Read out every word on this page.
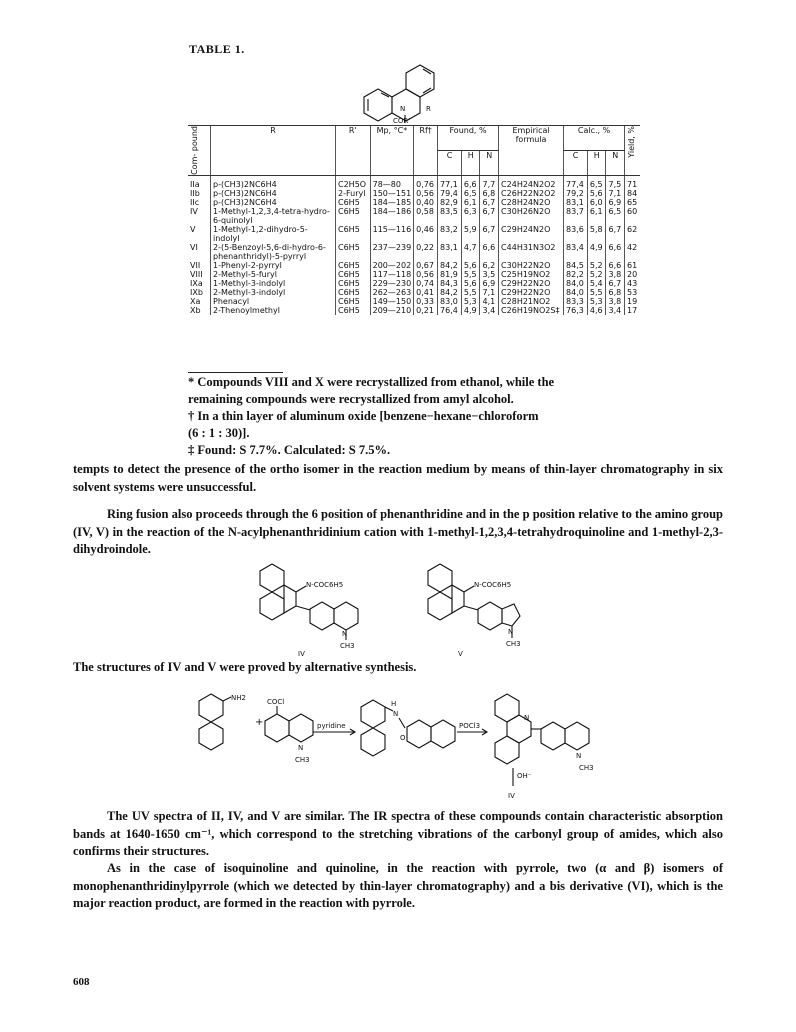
TABLE 1.
N	R
COR'
Com- pound	R	R'	Mp, °C*	Rf†	Found, %			Empirical formula	Calc., %			Yield, %

					C	H	N		C	H	N	
IIa	p-(CH3)2NC6H4	C2H5O	78—80	0,76	77,1	6,6	7,7	C24H24N2O2	77,4	6,5	7,5	71
IIb	p-(CH3)2NC6H4	2-Furyl	150—151	0,56	79,4	6,5	6,8	C26H22N2O2	79,2	5,6	7,1	84
IIc	p-(CH3)2NC6H4	C6H5	184—185	0,40	82,9	6,1	6,7	C28H24N2O	83,1	6,0	6,9	65
IV	1-Methyl-1,2,3,4-tetra-hydro-6-quinolyl	C6H5	184—186	0,58	83,5	6,3	6,7	C30H26N2O	83,7	6,1	6,5	60
V	1-Methyl-1,2-dihydro-5-indolyl	C6H5	115—116	0,46	83,2	5,9	6,7	C29H24N2O	83,6	5,8	6,7	62
VI	2-(5-Benzoyl-5,6-di-hydro-6-phenanthridyl)-5-pyrryl	C6H5	237—239	0,22	83,1	4,7	6,6	C44H31N3O2	83,4	4,9	6,6	42
VII	1-Phenyl-2-pyrryl	C6H5	200—202	0,67	84,2	5,6	6,2	C30H22N2O	84,5	5,2	6,6	61
VIII	2-Methyl-5-furyl	C6H5	117—118	0,56	81,9	5,5	3,5	C25H19NO2	82,2	5,2	3,8	20
IXa	1-Methyl-3-indolyl	C6H5	229—230	0,74	84,3	5,6	6,9	C29H22N2O	84,0	5,4	6,7	43
IXb	2-Methyl-3-indolyl	C6H5	262—263	0,41	84,2	5,5	7,1	C29H22N2O	84,0	5,5	6,8	53
Xa	Phenacyl	C6H5	149—150	0,33	83,0	5,3	4,1	C28H21NO2	83,3	5,3	3,8	19
Xb	2-Thenoylmethyl	C6H5	209—210	0,21	76,4	4,9	3,4	C26H19NO2S‡	76,3	4,6	3,4	17

* Compounds VIII and X were recrystallized from ethanol, while the

remaining compounds were recrystallized from amyl alcohol.

† In a thin layer of aluminum oxide [benzene−hexane−chloroform

(6 : 1 : 30)].

‡ Found: S 7.7%. Calculated: S 7.5%.

tempts to detect the presence of the ortho isomer in the reaction medium by means of thin-layer chromatography in six solvent systems were unsuccessful.

Ring fusion also proceeds through the 6 position of phenanthridine and in the p position relative to the amino group (IV, V) in the reaction of the N-acylphenanthridinium cation with 1-methyl-1,2,3,4-tetrahydroquinoline and 1-methyl-2,3-dihydroindole.

N-COC6H5
N
CH3
IV
N-COC6H5
N
CH3
V

The structures of IV and V were proved by alternative synthesis.

NH2
+
COCl
N
CH3
pyridine
H
N
O
POCl3
N
N
CH3
OH⁻
IV

The UV spectra of II, IV, and V are similar. The IR spectra of these compounds contain characteristic absorption bands at 1640-1650 cm⁻¹, which correspond to the stretching vibrations of the carbonyl group of amides, which also confirms their structures.

As in the case of isoquinoline and quinoline, in the reaction with pyrrole, two (α and β) isomers of monophenanthridinylpyrrole (which we detected by thin-layer chromatography) and a bis derivative (VI), which is the major reaction product, are formed in the reaction with pyrrole.

608
